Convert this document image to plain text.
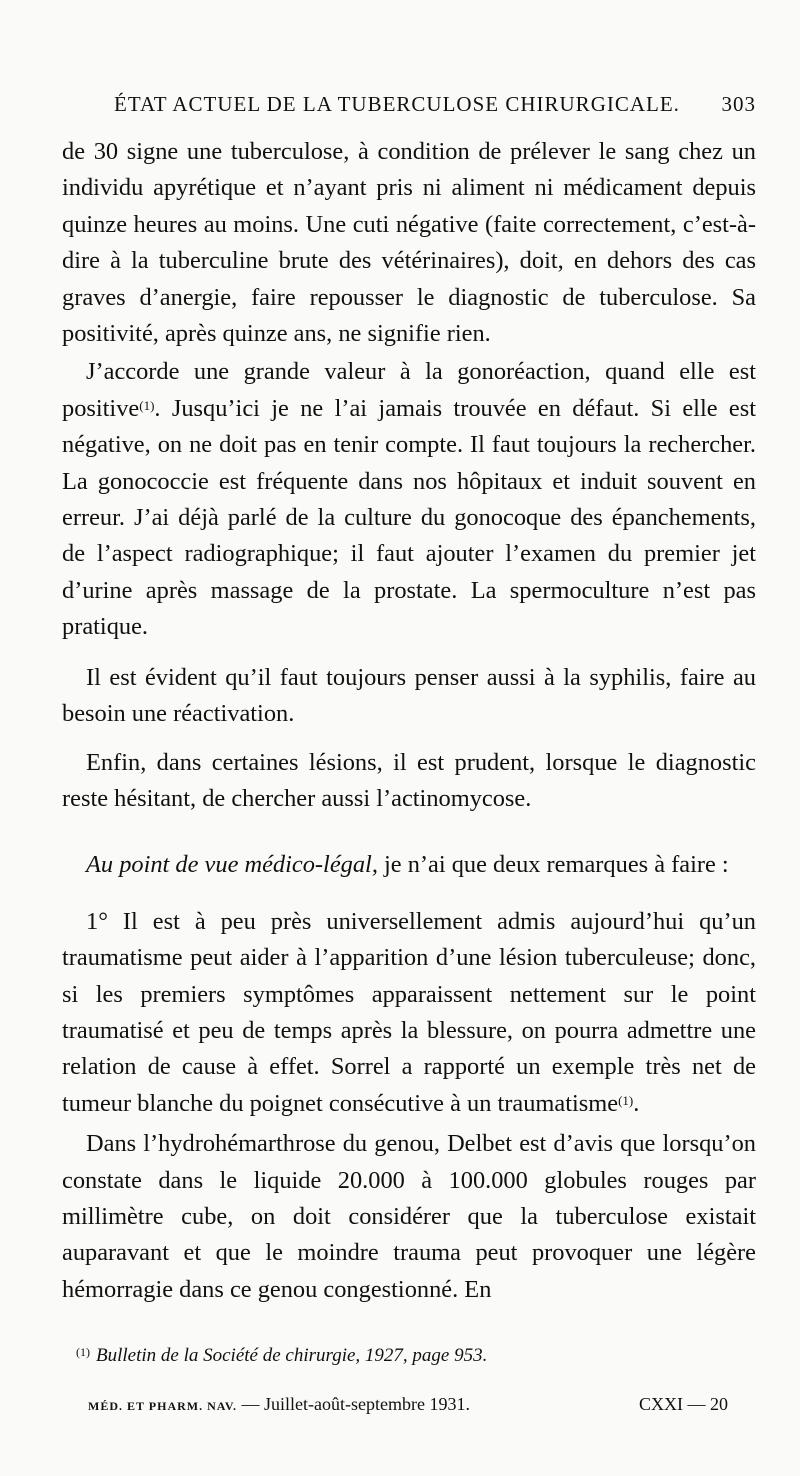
ÉTAT ACTUEL DE LA TUBERCULOSE CHIRURGICALE. 303

de 30 signe une tuberculose, à condition de prélever le sang chez un individu apyrétique et n’ayant pris ni aliment ni médicament depuis quinze heures au moins. Une cuti négative (faite correctement, c’est-à-dire à la tuberculine brute des vétérinaires), doit, en dehors des cas graves d’anergie, faire repousser le diagnostic de tuberculose. Sa positivité, après quinze ans, ne signifie rien.

J’accorde une grande valeur à la gonoréaction, quand elle est positive$^{(1)}$. Jusqu’ici je ne l’ai jamais trouvée en défaut. Si elle est négative, on ne doit pas en tenir compte. Il faut toujours la rechercher. La gonococcie est fréquente dans nos hôpitaux et induit souvent en erreur. J’ai déjà parlé de la culture du gonocoque des épanchements, de l’aspect radiographique; il faut ajouter l’examen du premier jet d’urine après massage de la prostate. La spermoculture n’est pas pratique.

Il est évident qu’il faut toujours penser aussi à la syphilis, faire au besoin une réactivation.

Enfin, dans certaines lésions, il est prudent, lorsque le diagnostic reste hésitant, de chercher aussi l’actinomycose.

Au point de vue médico-légal, je n’ai que deux remarques à faire :

1° Il est à peu près universellement admis aujourd’hui qu’un traumatisme peut aider à l’apparition d’une lésion tuberculeuse; donc, si les premiers symptômes apparaissent nettement sur le point traumatisé et peu de temps après la blessure, on pourra admettre une relation de cause à effet. Sorrel a rapporté un exemple très net de tumeur blanche du poignet consécutive à un traumatisme$^{(1)}$.

Dans l’hydrohémarthrose du genou, Delbet est d’avis que lorsqu’on constate dans le liquide 20.000 à 100.000 globules rouges par millimètre cube, on doit considérer que la tuberculose existait auparavant et que le moindre trauma peut provoquer une légère hémorragie dans ce genou congestionné. En

$^{(1)}$ Bulletin de la Société de chirurgie, 1927, page 953.
MÉD. ET PHARM. NAV. — Juillet-août-septembre 1931.	CXXI — 20
